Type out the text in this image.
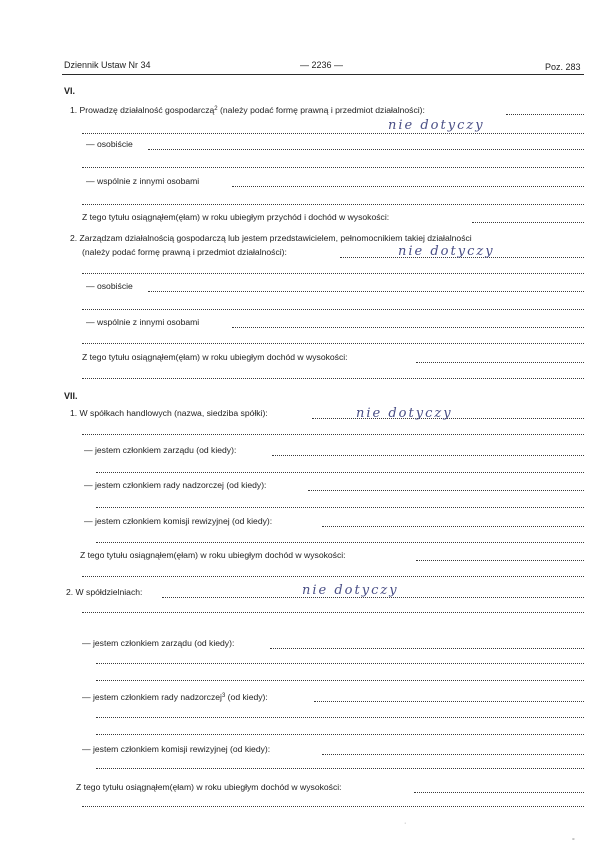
Dziennik Ustaw Nr 34	— 2236 —	Poz. 283
VI.
1. Prowadzę działalność gospodarczą$^2$ (należy podać formę prawną i przedmiot działalności):
nie dotyczy
— osobiście
— wspólnie z innymi osobami
Z tego tytułu osiągnąłem(ęłam) w roku ubiegłym przychód i dochód w wysokości:
2. Zarządzam działalnością gospodarczą lub jestem przedstawicielem, pełnomocnikiem takiej działalności
(należy podać formę prawną i przedmiot działalności):	nie dotyczy
— osobiście
— wspólnie z innymi osobami
Z tego tytułu osiągnąłem(ęłam) w roku ubiegłym dochód w wysokości:
VII.
1. W spółkach handlowych (nazwa, siedziba spółki):	nie dotyczy
— jestem członkiem zarządu (od kiedy):
— jestem członkiem rady nadzorczej (od kiedy):
— jestem członkiem komisji rewizyjnej (od kiedy):
Z tego tytułu osiągnąłem(ęłam) w roku ubiegłym dochód w wysokości:
2. W spółdzielniach:	nie dotyczy
— jestem członkiem zarządu (od kiedy):
— jestem członkiem rady nadzorczej$^3$ (od kiedy):
— jestem członkiem komisji rewizyjnej (od kiedy):
Z tego tytułu osiągnąłem(ęłam) w roku ubiegłym dochód w wysokości:
·
°
